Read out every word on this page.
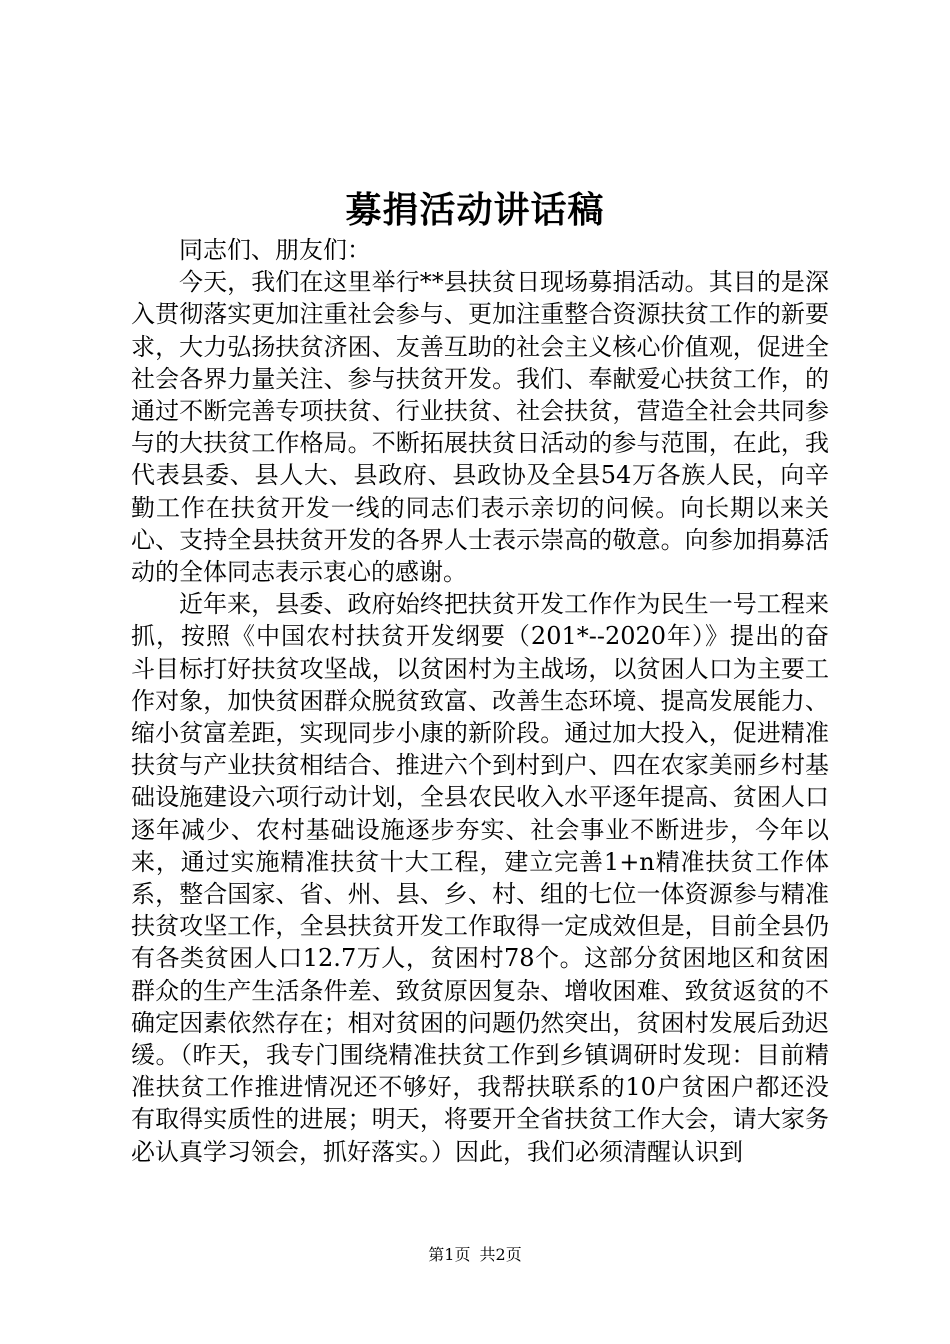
募捐活动讲话稿

同志们、朋友们：

今天，我们在这里举行**县扶贫日现场募捐活动。其目的是深入贯彻落实更加注重社会参与、更加注重整合资源扶贫工作的新要求，大力弘扬扶贫济困、友善互助的社会主义核心价值观，促进全社会各界力量关注、参与扶贫开发。我们、奉献爱心扶贫工作，的通过不断完善专项扶贫、行业扶贫、社会扶贫，营造全社会共同参与的大扶贫工作格局。不断拓展扶贫日活动的参与范围，在此，我代表县委、县人大、县政府、县政协及全县54万各族人民，向辛勤工作在扶贫开发一线的同志们表示亲切的问候。向长期以来关心、支持全县扶贫开发的各界人士表示崇高的敬意。向参加捐募活动的全体同志表示衷心的感谢。

近年来，县委、政府始终把扶贫开发工作作为民生一号工程来抓，按照《中国农村扶贫开发纲要（201*--2020年）》提出的奋斗目标打好扶贫攻坚战，以贫困村为主战场，以贫困人口为主要工作对象，加快贫困群众脱贫致富、改善生态环境、提高发展能力、缩小贫富差距，实现同步小康的新阶段。通过加大投入，促进精准扶贫与产业扶贫相结合、推进六个到村到户、四在农家美丽乡村基础设施建设六项行动计划，全县农民收入水平逐年提高、贫困人口逐年减少、农村基础设施逐步夯实、社会事业不断进步，今年以来，通过实施精准扶贫十大工程，建立完善1+n精准扶贫工作体系，整合国家、省、州、县、乡、村、组的七位一体资源参与精准扶贫攻坚工作，全县扶贫开发工作取得一定成效但是，目前全县仍有各类贫困人口12.7万人，贫困村78个。这部分贫困地区和贫困群众的生产生活条件差、致贫原因复杂、增收困难、致贫返贫的不确定因素依然存在；相对贫困的问题仍然突出，贫困村发展后劲迟缓。（昨天，我专门围绕精准扶贫工作到乡镇调研时发现：目前精准扶贫工作推进情况还不够好，我帮扶联系的10户贫困户都还没有取得实质性的进展；明天，将要开全省扶贫工作大会，请大家务必认真学习领会，抓好落实。）因此，我们必须清醒认识到

第1页 共2页
